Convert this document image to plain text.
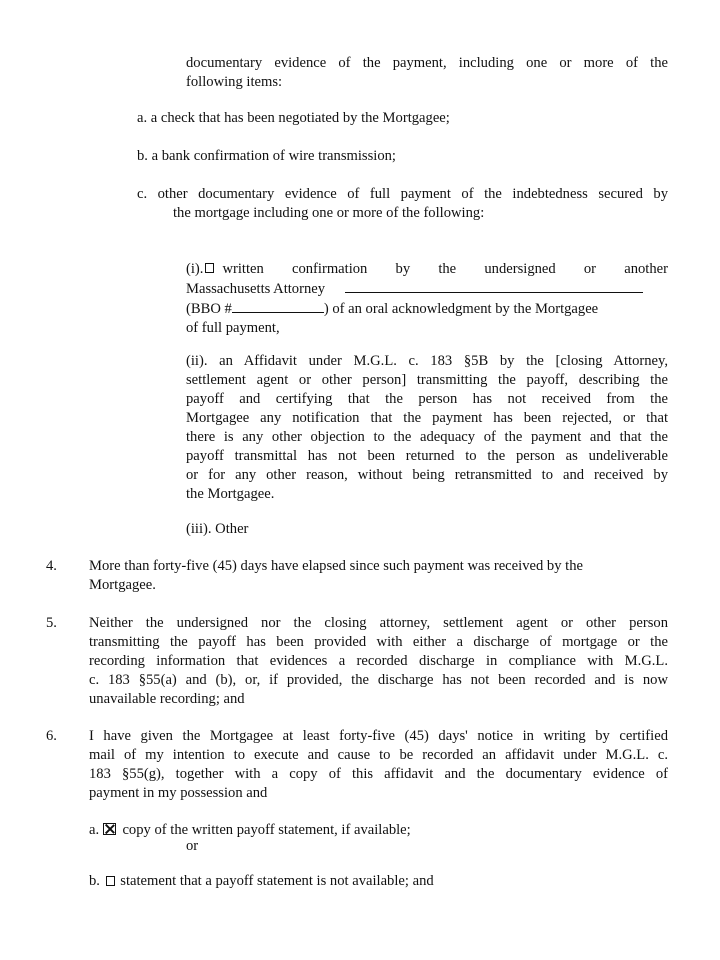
documentary evidence of the payment, including one or more of the
following items:
a. a check that has been negotiated by the Mortgagee;
b. a bank confirmation of wire transmission;
c. other documentary evidence of full payment of the indebtedness secured by
the mortgage including one or more of the following:
(i).	written confirmation by the undersigned or another
Massachusetts Attorney
(BBO #	) of an oral acknowledgment by the Mortgagee
of full payment,
(ii). an Affidavit under M.G.L. c. 183 §5B by the [closing Attorney,
settlement agent or other person] transmitting the payoff, describing the
payoff and certifying that the person has not received from the
Mortgagee any notification that the payment has been rejected, or that
there is any other objection to the adequacy of the payment and that the
payoff transmittal has not been returned to the person as undeliverable
or for any other reason, without being retransmitted to and received by
the Mortgagee.
(iii). Other
4. More than forty-five (45) days have elapsed since such payment was received by the
Mortgagee.
5. Neither the undersigned nor the closing attorney, settlement agent or other person
transmitting the payoff has been provided with either a discharge of mortgage or the
recording information that evidences a recorded discharge in compliance with M.G.L.
c. 183 §55(a) and (b), or, if provided, the discharge has not been recorded and is now
unavailable recording; and
6. I have given the Mortgagee at least forty-five (45) days' notice in writing by certified
mail of my intention to execute and cause to be recorded an affidavit under M.G.L. c.
183 §55(g), together with a copy of this affidavit and the documentary evidence of
payment in my possession and
a. copy of the written payoff statement, if available;
or
b. statement that a payoff statement is not available; and
